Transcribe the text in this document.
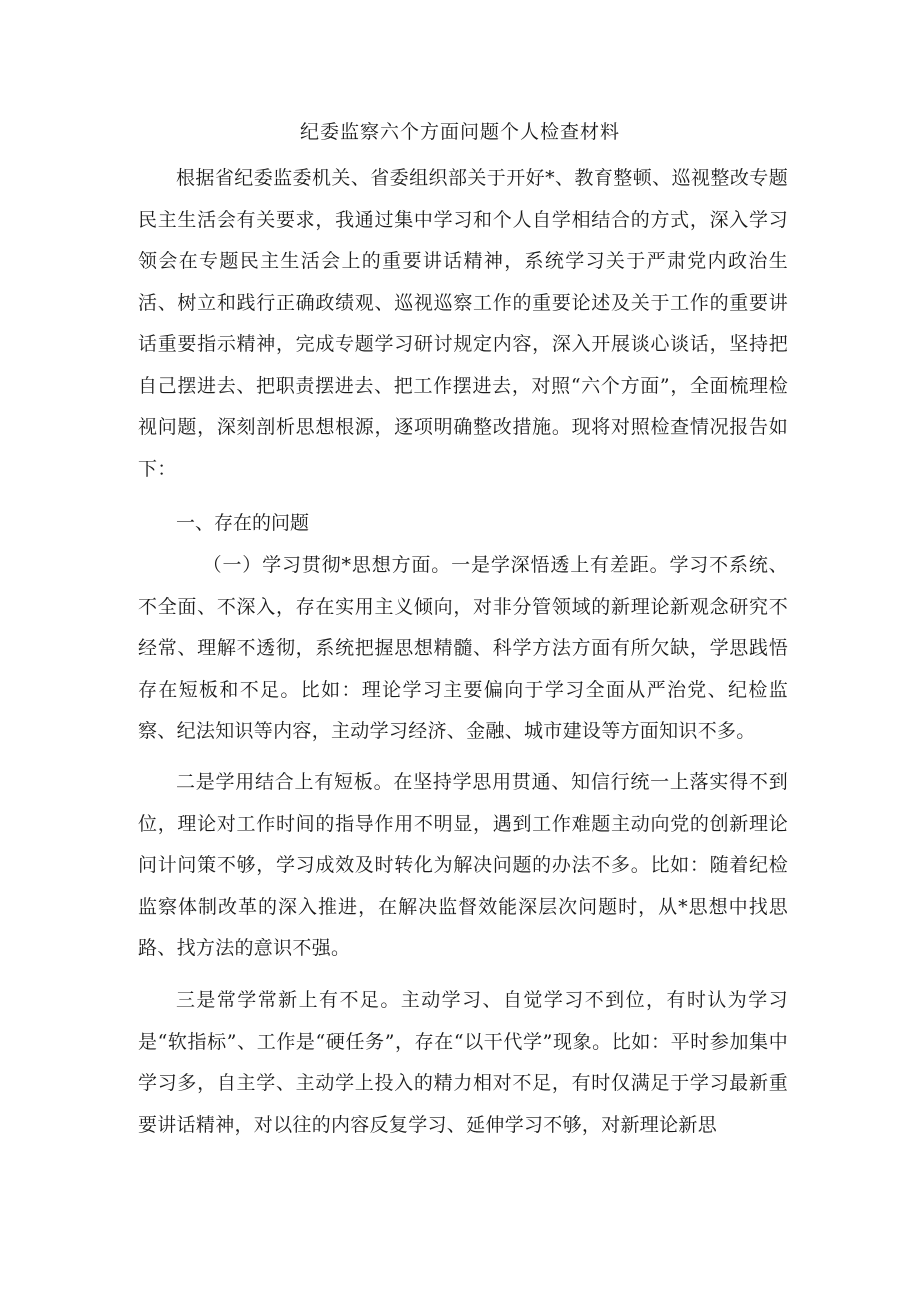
纪委监察六个方面问题个人检查材料

根据省纪委监委机关、省委组织部关于开好*、教育整顿、巡视整改专题民主生活会有关要求，我通过集中学习和个人自学相结合的方式，深入学习领会在专题民主生活会上的重要讲话精神，系统学习关于严肃党内政治生活、树立和践行正确政绩观、巡视巡察工作的重要论述及关于工作的重要讲话重要指示精神，完成专题学习研讨规定内容，深入开展谈心谈话，坚持把自己摆进去、把职责摆进去、把工作摆进去，对照“六个方面”，全面梳理检视问题，深刻剖析思想根源，逐项明确整改措施。现将对照检查情况报告如下：

一、存在的问题

（一）学习贯彻*思想方面。一是学深悟透上有差距。学习不系统、不全面、不深入，存在实用主义倾向，对非分管领域的新理论新观念研究不经常、理解不透彻，系统把握思想精髓、科学方法方面有所欠缺，学思践悟存在短板和不足。比如：理论学习主要偏向于学习全面从严治党、纪检监察、纪法知识等内容，主动学习经济、金融、城市建设等方面知识不多。

二是学用结合上有短板。在坚持学思用贯通、知信行统一上落实得不到位，理论对工作时间的指导作用不明显，遇到工作难题主动向党的创新理论问计问策不够，学习成效及时转化为解决问题的办法不多。比如：随着纪检监察体制改革的深入推进，在解决监督效能深层次问题时，从*思想中找思路、找方法的意识不强。

三是常学常新上有不足。主动学习、自觉学习不到位，有时认为学习是“软指标”、工作是“硬任务”，存在“以干代学”现象。比如：平时参加集中学习多，自主学、主动学上投入的精力相对不足，有时仅满足于学习最新重要讲话精神，对以往的内容反复学习、延伸学习不够，对新理论新思
